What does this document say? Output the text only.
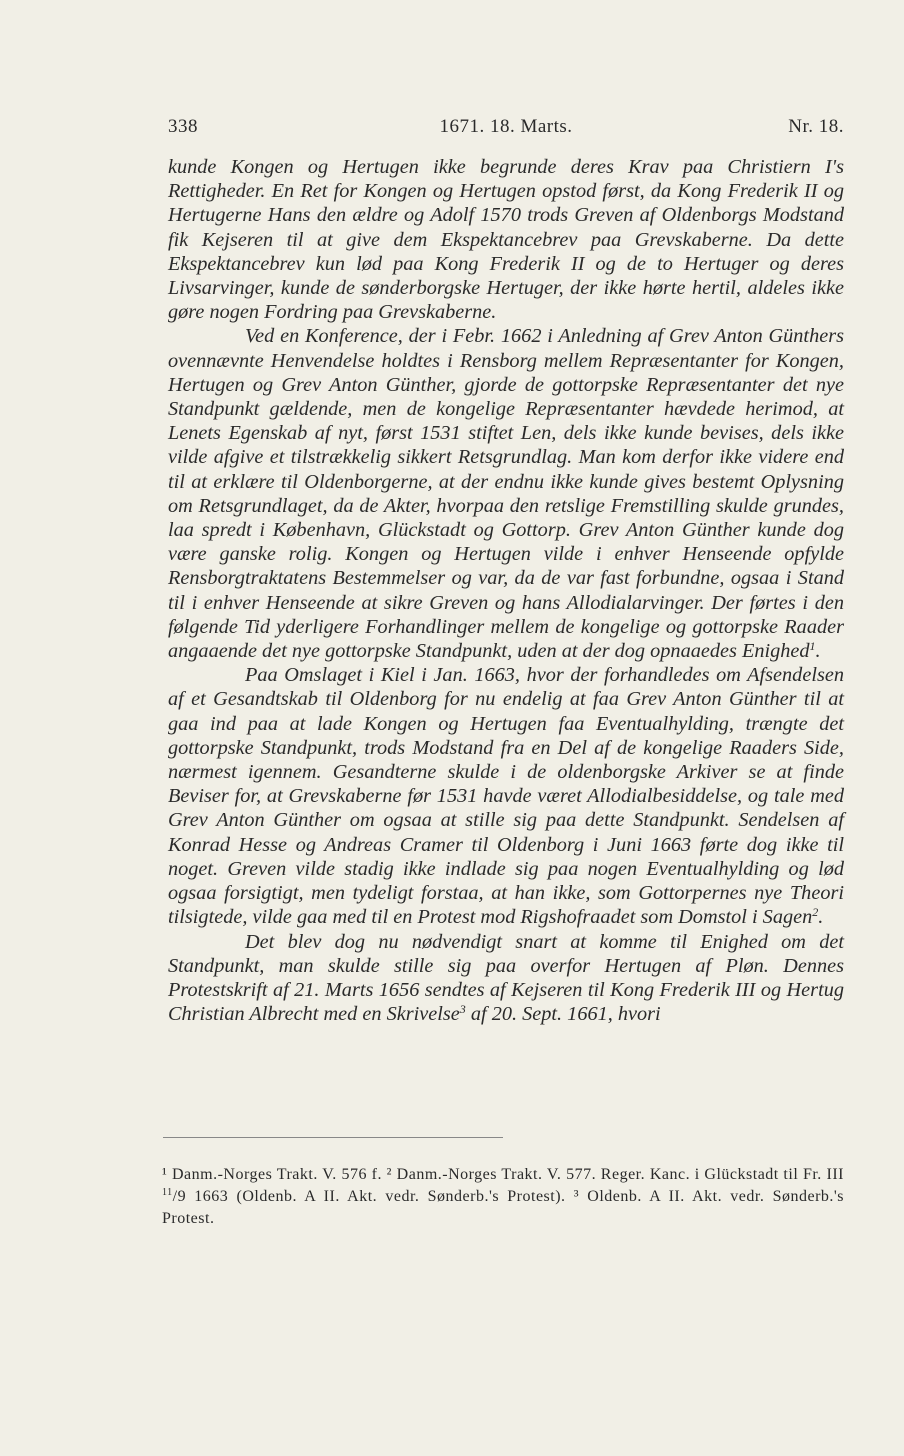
338	1671. 18. Marts.	Nr. 18.

kunde Kongen og Hertugen ikke begrunde deres Krav paa Christiern I's Rettigheder. En Ret for Kongen og Hertugen opstod først, da Kong Frederik II og Hertugerne Hans den ældre og Adolf 1570 trods Greven af Oldenborgs Modstand fik Kejseren til at give dem Ekspektancebrev paa Grevskaberne. Da dette Ekspektancebrev kun lød paa Kong Frederik II og de to Hertuger og deres Livsarvinger, kunde de sønderborgske Hertuger, der ikke hørte hertil, aldeles ikke gøre nogen Fordring paa Grevskaberne.

Ved en Konference, der i Febr. 1662 i Anledning af Grev Anton Günthers ovennævnte Henvendelse holdtes i Rensborg mellem Repræsentanter for Kongen, Hertugen og Grev Anton Günther, gjorde de gottorpske Repræsentanter det nye Standpunkt gældende, men de kongelige Repræsentanter hævdede herimod, at Lenets Egenskab af nyt, først 1531 stiftet Len, dels ikke kunde bevises, dels ikke vilde afgive et tilstrækkelig sikkert Retsgrundlag. Man kom derfor ikke videre end til at erklære til Oldenborgerne, at der endnu ikke kunde gives bestemt Oplysning om Retsgrundlaget, da de Akter, hvorpaa den retslige Fremstilling skulde grundes, laa spredt i København, Glückstadt og Gottorp. Grev Anton Günther kunde dog være ganske rolig. Kongen og Hertugen vilde i enhver Henseende opfylde Rensborgtraktatens Bestemmelser og var, da de var fast forbundne, ogsaa i Stand til i enhver Henseende at sikre Greven og hans Allodialarvinger. Der førtes i den følgende Tid yderligere Forhandlinger mellem de kongelige og gottorpske Raader angaaende det nye gottorpske Standpunkt, uden at der dog opnaaedes Enighed$^1$.

Paa Omslaget i Kiel i Jan. 1663, hvor der forhandledes om Afsendelsen af et Gesandtskab til Oldenborg for nu endelig at faa Grev Anton Günther til at gaa ind paa at lade Kongen og Hertugen faa Eventualhylding, trængte det gottorpske Standpunkt, trods Modstand fra en Del af de kongelige Raaders Side, nærmest igennem. Gesandterne skulde i de oldenborgske Arkiver se at finde Beviser for, at Grevskaberne før 1531 havde været Allodialbesiddelse, og tale med Grev Anton Günther om ogsaa at stille sig paa dette Standpunkt. Sendelsen af Konrad Hesse og Andreas Cramer til Oldenborg i Juni 1663 førte dog ikke til noget. Greven vilde stadig ikke indlade sig paa nogen Eventualhylding og lød ogsaa forsigtigt, men tydeligt forstaa, at han ikke, som Gottorpernes nye Theori tilsigtede, vilde gaa med til en Protest mod Rigshofraadet som Domstol i Sagen$^2$.

Det blev dog nu nødvendigt snart at komme til Enighed om det Standpunkt, man skulde stille sig paa overfor Hertugen af Pløn. Dennes Protestskrift af 21. Marts 1656 sendtes af Kejseren til Kong Frederik III og Hertug Christian Albrecht med en Skrivelse$^3$ af 20. Sept. 1661, hvori

¹ Danm.-Norges Trakt. V. 576 f. ² Danm.-Norges Trakt. V. 577. Reger. Kanc. i Glückstadt til Fr. III $^{11}$/9 1663 (Oldenb. A II. Akt. vedr. Sønderb.'s Protest). ³ Oldenb. A II. Akt. vedr. Sønderb.'s Protest.
